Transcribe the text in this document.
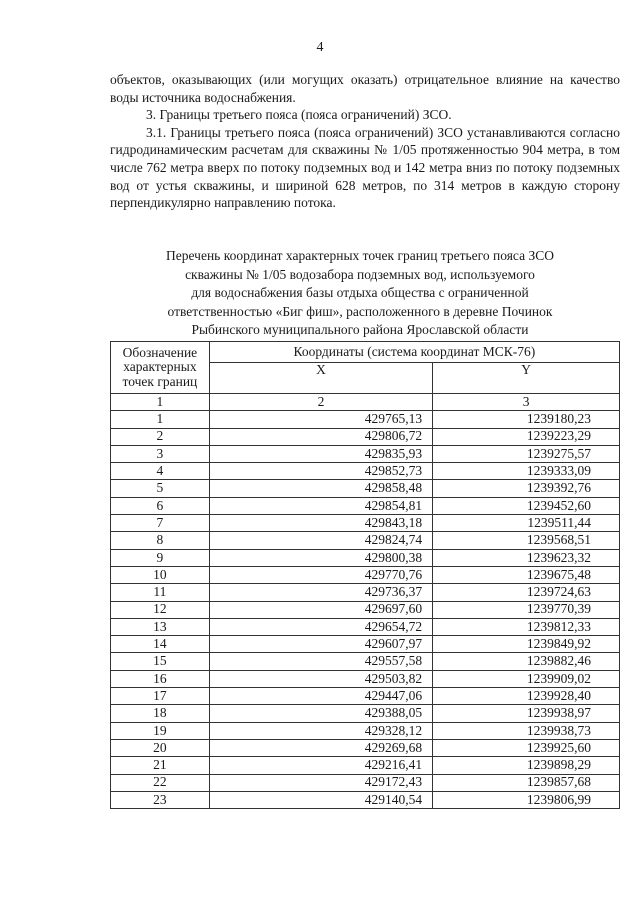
4

объектов, оказывающих (или могущих оказать) отрицательное влияние на качество воды источника водоснабжения.

3. Границы третьего пояса (пояса ограничений) ЗСО.

3.1. Границы третьего пояса (пояса ограничений) ЗСО устанавливаются согласно гидродинамическим расчетам для скважины № 1/05 протяженностью 904 метра, в том числе 762 метра вверх по потоку подземных вод и 142 метра вниз по потоку подземных вод от устья скважины, и шириной 628 метров, по 314 метров в каждую сторону перпендикулярно направлению потока.

Перечень координат характерных точек границ третьего пояса ЗСО
скважины № 1/05 водозабора подземных вод, используемого
для водоснабжения базы отдыха общества с ограниченной
ответственностью «Биг фиш», расположенного в деревне Починок
Рыбинского муниципального района Ярославской области
Обозначение характерных точек границ	Координаты (система координат МСК-76)	
	X	Y
1	2	3
1	429765,13	1239180,23
2	429806,72	1239223,29
3	429835,93	1239275,57
4	429852,73	1239333,09
5	429858,48	1239392,76
6	429854,81	1239452,60
7	429843,18	1239511,44
8	429824,74	1239568,51
9	429800,38	1239623,32
10	429770,76	1239675,48
11	429736,37	1239724,63
12	429697,60	1239770,39
13	429654,72	1239812,33
14	429607,97	1239849,92
15	429557,58	1239882,46
16	429503,82	1239909,02
17	429447,06	1239928,40
18	429388,05	1239938,97
19	429328,12	1239938,73
20	429269,68	1239925,60
21	429216,41	1239898,29
22	429172,43	1239857,68
23	429140,54	1239806,99
